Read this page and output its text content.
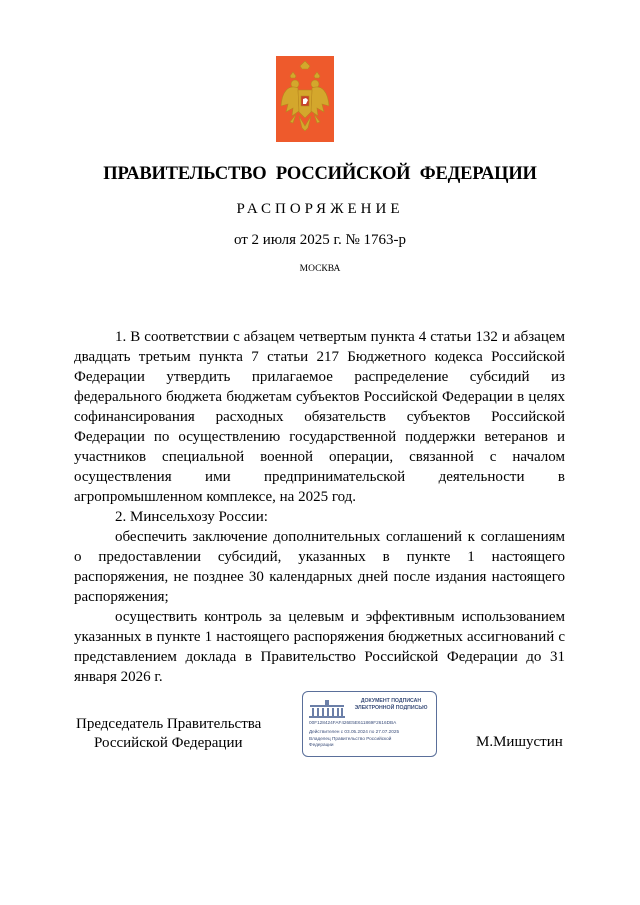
ПРАВИТЕЛЬСТВО РОССИЙСКОЙ ФЕДЕРАЦИИ
РАСПОРЯЖЕНИЕ
от 2 июля 2025 г. № 1763-р
МОСКВА

1. В соответствии с абзацем четвертым пункта 4 статьи 132 и абзацем двадцать третьим пункта 7 статьи 217 Бюджетного кодекса Российской Федерации утвердить прилагаемое распределение субсидий из федерального бюджета бюджетам субъектов Российской Федерации в целях софинансирования расходных обязательств субъектов Российской Федерации по осуществлению государственной поддержки ветеранов и участников специальной военной операции, связанной с началом осуществления ими предпринимательской деятельности в агропромышленном комплексе, на 2025 год.

2. Минсельхозу России:

обеспечить заключение дополнительных соглашений к соглашениям о предоставлении субсидий, указанных в пункте 1 настоящего распоряжения, не позднее 30 календарных дней после издания настоящего распоряжения;

осуществить контроль за целевым и эффективным использованием указанных в пункте 1 настоящего распоряжения бюджетных ассигнований с представлением доклада в Правительство Российской Федерации до 31 января 2026 г.

Председатель Правительства
Российской Федерации
ДОКУМЕНТ ПОДПИСАН ЭЛЕКТРОННОЙ ПОДПИСЬЮ
00F128424FAF426E5E61186​9F2616DBA
Действителен с 03.05.2024 по 27.07.2025
Владелец Правительство Российской
Федерации	М.Мишустин
